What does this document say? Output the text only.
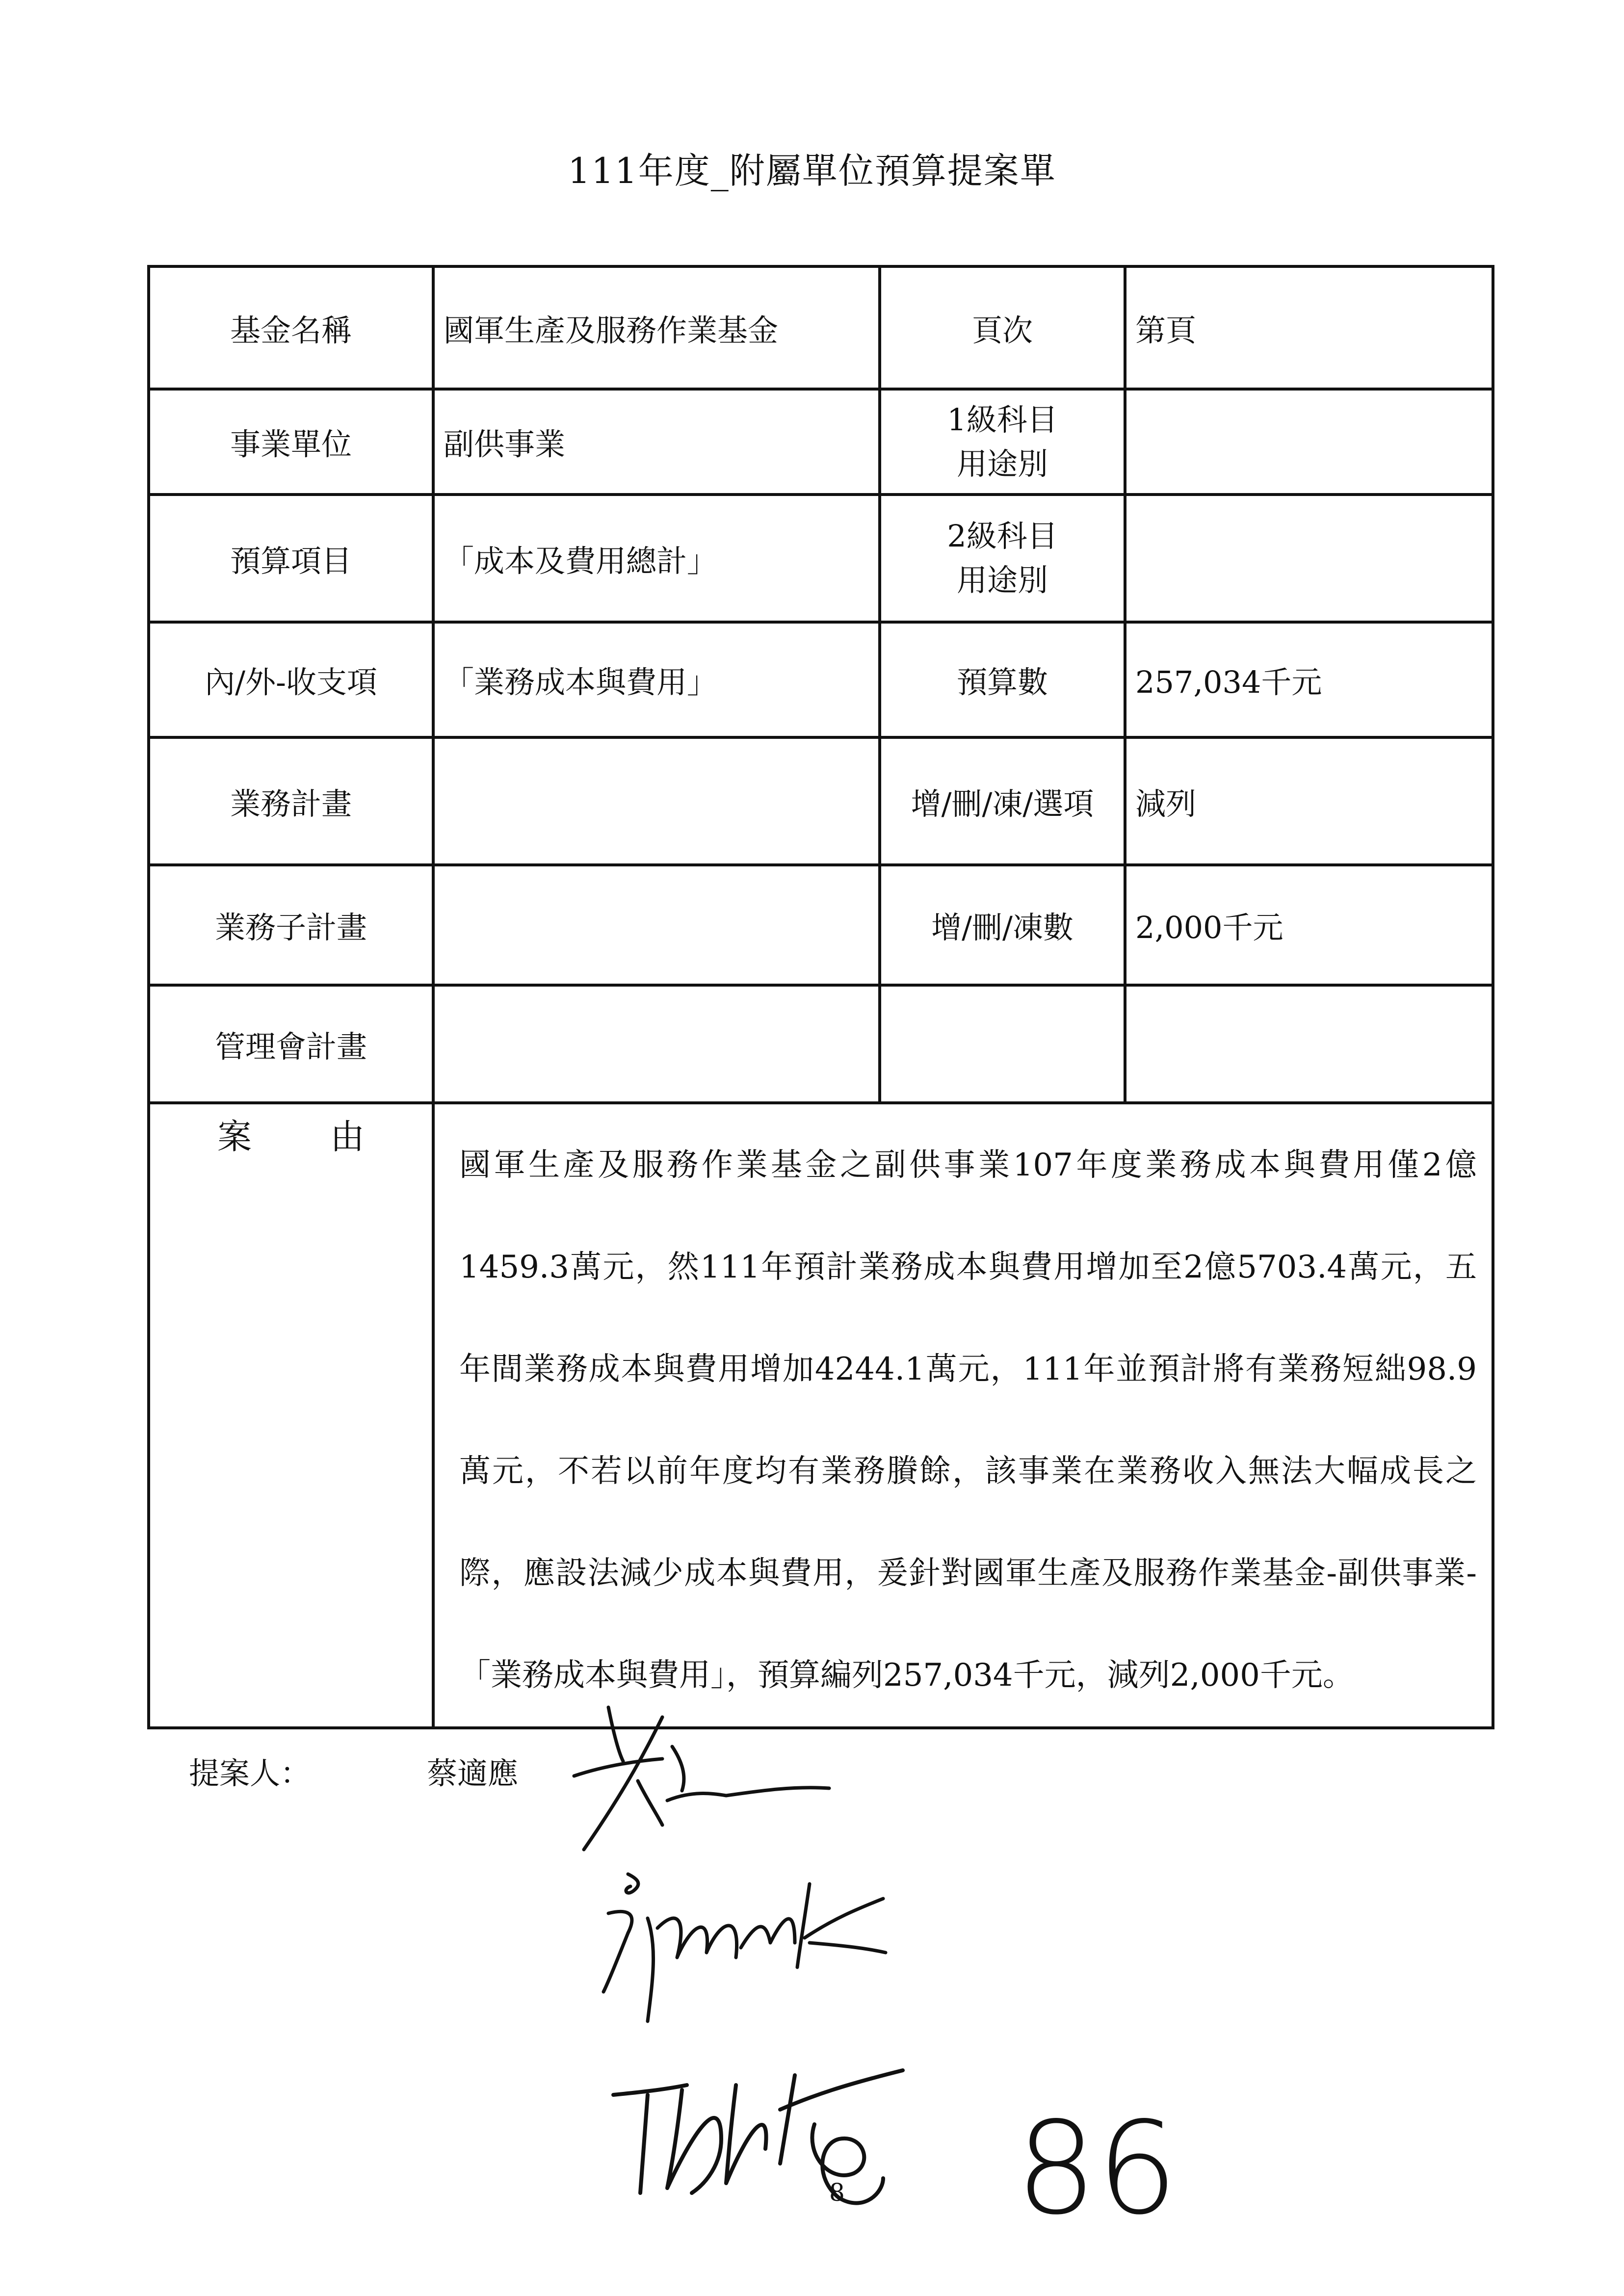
111年度_附屬單位預算提案單
基金名稱	國軍生產及服務作業基金	頁次	第頁
事業單位	副供事業	1級科目
用途別	

預算項目	「成本及費用總計」	2級科目
用途別	

內/外-收支項	「業務成本與費用」	預算數	257,034千元
業務計畫		增/刪/凍/選項	減列
業務子計畫		增/刪/凍數	2,000千元
管理會計畫			

案 由	國軍生產及服務作業基金之副供事業107年度業務成本與費用僅2億1459.3萬元，然111年預計業務成本與費用增加至2億5703.4萬元，五年間業務成本與費用增加4244.1萬元，111年並預計將有業務短絀98.9萬元，不若以前年度均有業務賸餘，該事業在業務收入無法大幅成長之際，應設法減少成本與費用，爰針對國軍生產及服務作業基金-副供事業-「業務成本與費用」，預算編列257,034千元，減列2,000千元。		
提案人：	蔡適應
86
8
